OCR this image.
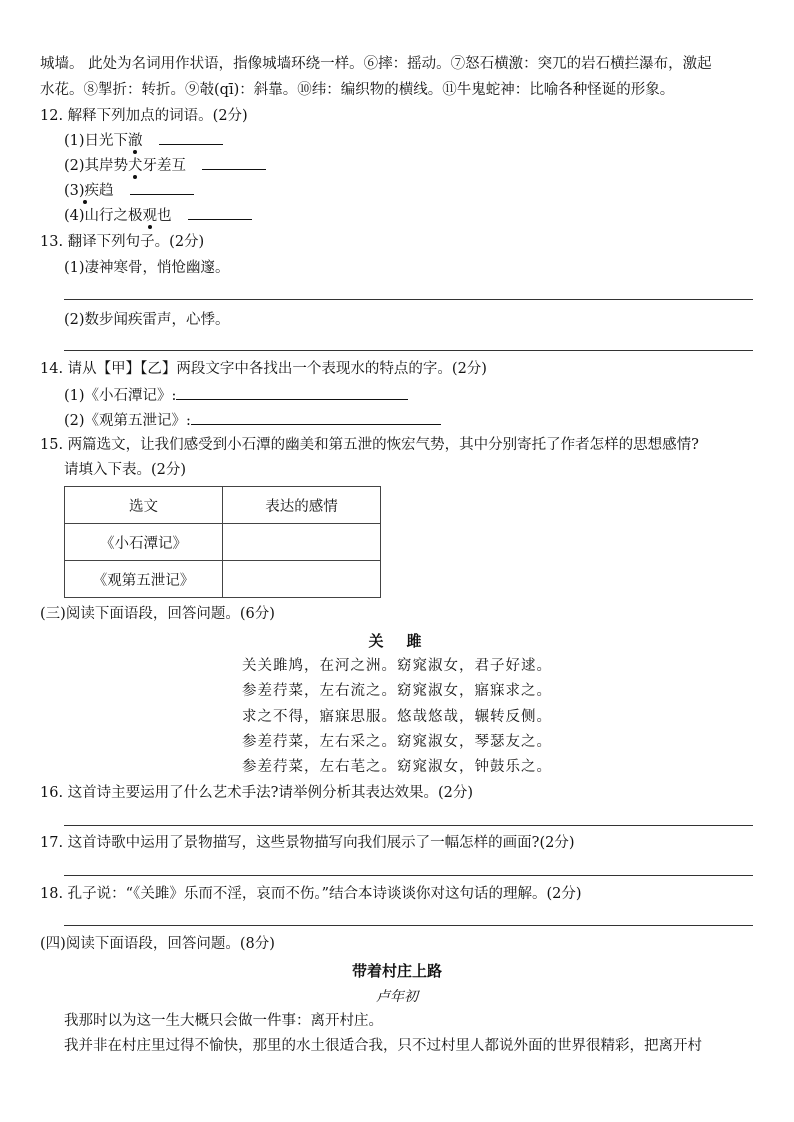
城墙。 此处为名词用作状语，指像城墙环绕一样。⑥摔：摇动。⑦怒石横激：突兀的岩石横拦瀑布，激起
水花。⑧掣折：转折。⑨攲(qī)：斜靠。⑩纬：编织物的横线。⑪牛鬼蛇神：比喻各种怪诞的形象。
12. 解释下列加点的词语。(2分)
(1)日光下澈
(2)其岸势犬牙差互
(3)疾趋
(4)山行之极观也
13. 翻译下列句子。(2分)
(1)凄神寒骨，悄怆幽邃。
(2)数步闻疾雷声，心悸。
14. 请从【甲】【乙】两段文字中各找出一个表现水的特点的字。(2分)
(1)《小石潭记》:
(2)《观第五泄记》:
15. 两篇选文，让我们感受到小石潭的幽美和第五泄的恢宏气势，其中分别寄托了作者怎样的思想感情?
请填入下表。(2分)
选文	表达的感情
《小石潭记》	
《观第五泄记》	
(三)阅读下面语段，回答问题。(6分)
关　雎
关关雎鸠，在河之洲。窈窕淑女，君子好逑。
参差荇菜，左右流之。窈窕淑女，寤寐求之。
求之不得，寤寐思服。悠哉悠哉，辗转反侧。
参差荇菜，左右采之。窈窕淑女，琴瑟友之。
参差荇菜，左右芼之。窈窕淑女，钟鼓乐之。
16. 这首诗主要运用了什么艺术手法?请举例分析其表达效果。(2分)
17. 这首诗歌中运用了景物描写，这些景物描写向我们展示了一幅怎样的画面?(2分)
18. 孔子说：“《关雎》乐而不淫，哀而不伤。”结合本诗谈谈你对这句话的理解。(2分)
(四)阅读下面语段，回答问题。(8分)
带着村庄上路
卢年初
我那时以为这一生大概只会做一件事：离开村庄。
我并非在村庄里过得不愉快，那里的水土很适合我，只不过村里人都说外面的世界很精彩，把离开村
